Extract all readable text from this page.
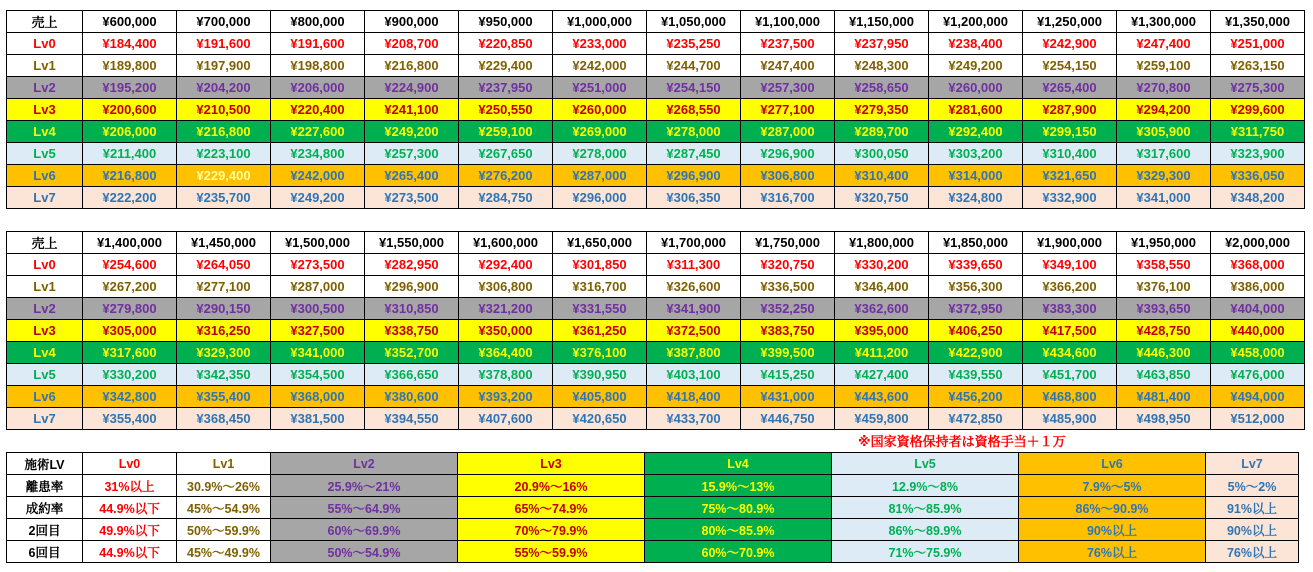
売上	¥600,000	¥700,000	¥800,000	¥900,000	¥950,000	¥1,000,000	¥1,050,000	¥1,100,000	¥1,150,000	¥1,200,000	¥1,250,000	¥1,300,000	¥1,350,000
Lv0	¥184,400	¥191,600	¥191,600	¥208,700	¥220,850	¥233,000	¥235,250	¥237,500	¥237,950	¥238,400	¥242,900	¥247,400	¥251,000
Lv1	¥189,800	¥197,900	¥198,800	¥216,800	¥229,400	¥242,000	¥244,700	¥247,400	¥248,300	¥249,200	¥254,150	¥259,100	¥263,150
Lv2	¥195,200	¥204,200	¥206,000	¥224,900	¥237,950	¥251,000	¥254,150	¥257,300	¥258,650	¥260,000	¥265,400	¥270,800	¥275,300
Lv3	¥200,600	¥210,500	¥220,400	¥241,100	¥250,550	¥260,000	¥268,550	¥277,100	¥279,350	¥281,600	¥287,900	¥294,200	¥299,600
Lv4	¥206,000	¥216,800	¥227,600	¥249,200	¥259,100	¥269,000	¥278,000	¥287,000	¥289,700	¥292,400	¥299,150	¥305,900	¥311,750
Lv5	¥211,400	¥223,100	¥234,800	¥257,300	¥267,650	¥278,000	¥287,450	¥296,900	¥300,050	¥303,200	¥310,400	¥317,600	¥323,900
Lv6	¥216,800	¥229,400	¥242,000	¥265,400	¥276,200	¥287,000	¥296,900	¥306,800	¥310,400	¥314,000	¥321,650	¥329,300	¥336,050
Lv7	¥222,200	¥235,700	¥249,200	¥273,500	¥284,750	¥296,000	¥306,350	¥316,700	¥320,750	¥324,800	¥332,900	¥341,000	¥348,200
売上	¥1,400,000	¥1,450,000	¥1,500,000	¥1,550,000	¥1,600,000	¥1,650,000	¥1,700,000	¥1,750,000	¥1,800,000	¥1,850,000	¥1,900,000	¥1,950,000	¥2,000,000
Lv0	¥254,600	¥264,050	¥273,500	¥282,950	¥292,400	¥301,850	¥311,300	¥320,750	¥330,200	¥339,650	¥349,100	¥358,550	¥368,000
Lv1	¥267,200	¥277,100	¥287,000	¥296,900	¥306,800	¥316,700	¥326,600	¥336,500	¥346,400	¥356,300	¥366,200	¥376,100	¥386,000
Lv2	¥279,800	¥290,150	¥300,500	¥310,850	¥321,200	¥331,550	¥341,900	¥352,250	¥362,600	¥372,950	¥383,300	¥393,650	¥404,000
Lv3	¥305,000	¥316,250	¥327,500	¥338,750	¥350,000	¥361,250	¥372,500	¥383,750	¥395,000	¥406,250	¥417,500	¥428,750	¥440,000
Lv4	¥317,600	¥329,300	¥341,000	¥352,700	¥364,400	¥376,100	¥387,800	¥399,500	¥411,200	¥422,900	¥434,600	¥446,300	¥458,000
Lv5	¥330,200	¥342,350	¥354,500	¥366,650	¥378,800	¥390,950	¥403,100	¥415,250	¥427,400	¥439,550	¥451,700	¥463,850	¥476,000
Lv6	¥342,800	¥355,400	¥368,000	¥380,600	¥393,200	¥405,800	¥418,400	¥431,000	¥443,600	¥456,200	¥468,800	¥481,400	¥494,000
Lv7	¥355,400	¥368,450	¥381,500	¥394,550	¥407,600	¥420,650	¥433,700	¥446,750	¥459,800	¥472,850	¥485,900	¥498,950	¥512,000
※国家資格保持者は資格手当＋１万
施術LV	Lv0	Lv1	Lv2	Lv3	Lv4	Lv5	Lv6	Lv7
離患率	31%以上	30.9%〜26%	25.9%〜21%	20.9%〜16%	15.9%〜13%	12.9%〜8%	7.9%〜5%	5%〜2%
成約率	44.9%以下	45%〜54.9%	55%〜64.9%	65%〜74.9%	75%〜80.9%	81%〜85.9%	86%〜90.9%	91%以上
2回目	49.9%以下	50%〜59.9%	60%〜69.9%	70%〜79.9%	80%〜85.9%	86%〜89.9%	90%以上	90%以上
6回目	44.9%以下	45%〜49.9%	50%〜54.9%	55%〜59.9%	60%〜70.9%	71%〜75.9%	76%以上	76%以上
